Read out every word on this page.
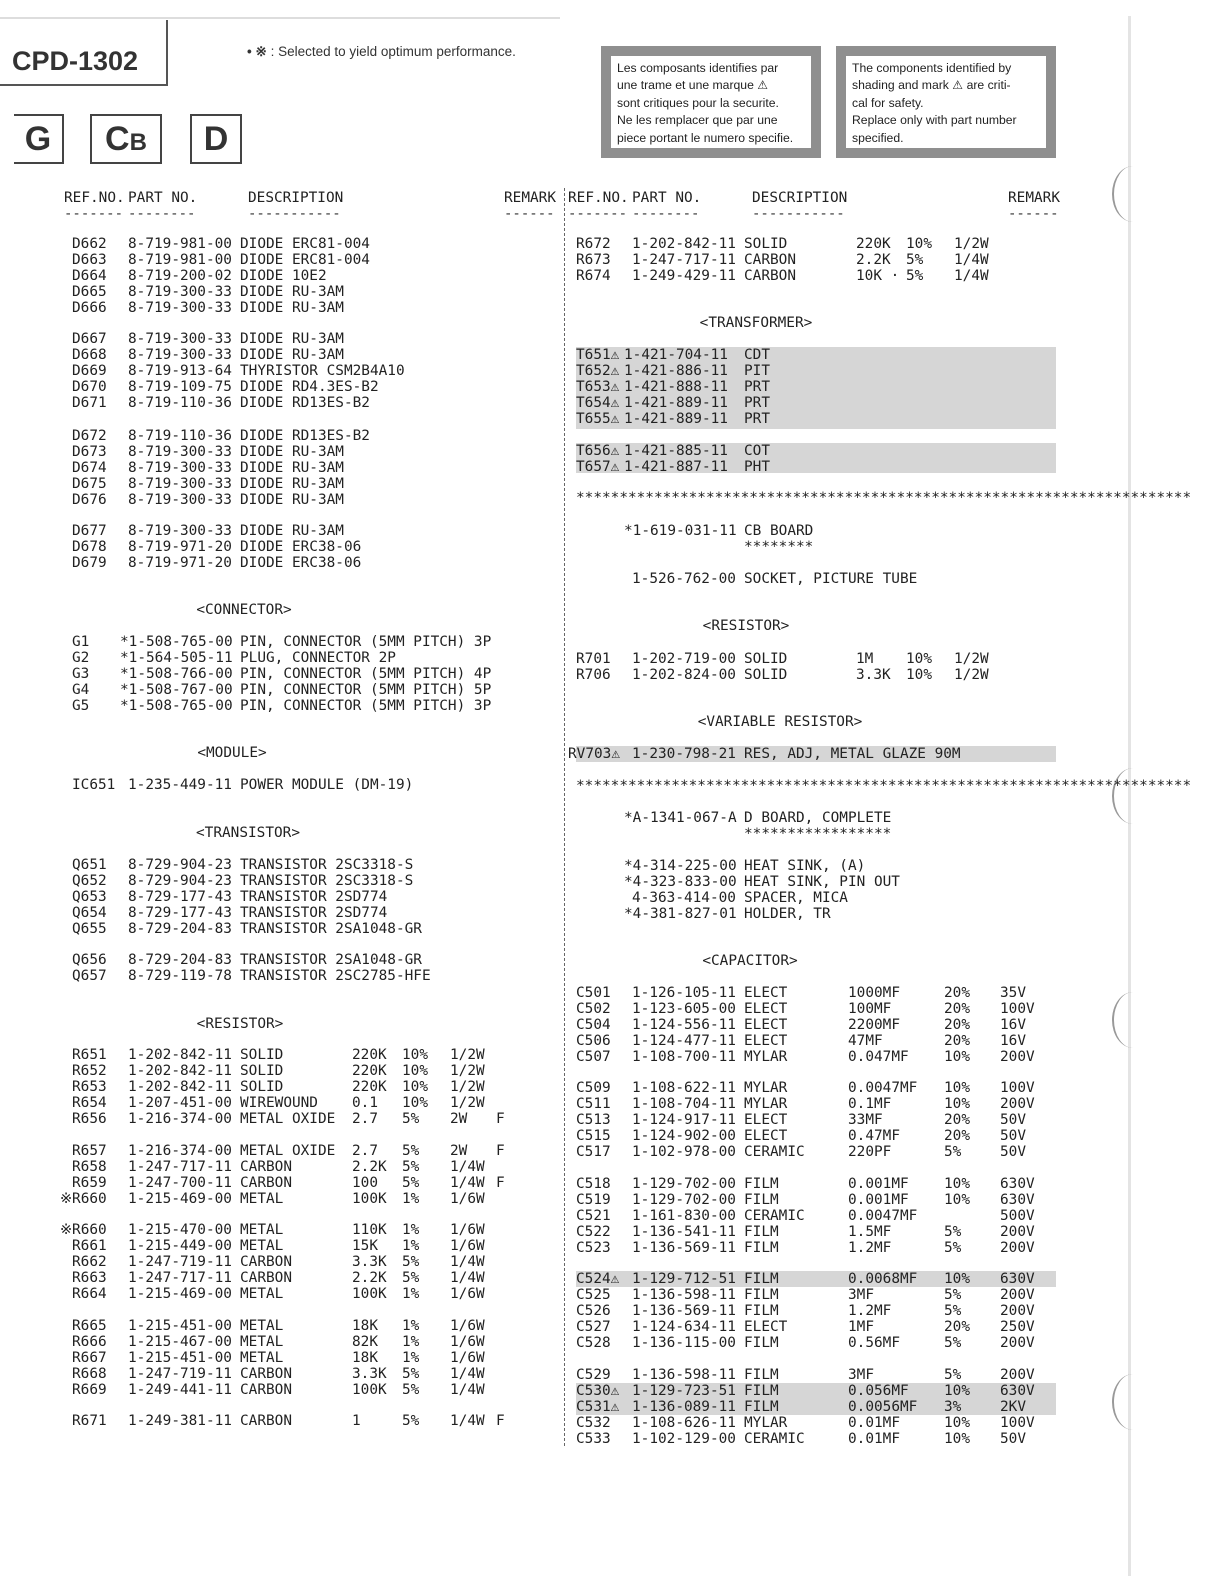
CPD-1302	• ※ : Selected to yield optimum performance.
G	CB	D
Les composants identifies par
une trame et une marque ⚠
sont critiques pour la securite.
Ne les remplacer que par une
piece portant le numero specifie.
The components identified by
shading and mark ⚠ are criti-
cal for safety.
Replace only with part number
specified.
REF.NO. PART NO.	DESCRIPTION	REMARK
------- --------	-----------	------
REF.NO. PART NO.	DESCRIPTION	REMARK
------- --------	-----------	------
D662 8-719-981-00 DIODE ERC81-004
D663 8-719-981-00 DIODE ERC81-004
D664 8-719-200-02 DIODE 10E2
D665 8-719-300-33 DIODE RU-3AM
D666 8-719-300-33 DIODE RU-3AM
D667 8-719-300-33 DIODE RU-3AM
D668 8-719-300-33 DIODE RU-3AM
D669 8-719-913-64 THYRISTOR CSM2B4A10
D670 8-719-109-75 DIODE RD4.3ES-B2
D671 8-719-110-36 DIODE RD13ES-B2
D672 8-719-110-36 DIODE RD13ES-B2
D673 8-719-300-33 DIODE RU-3AM
D674 8-719-300-33 DIODE RU-3AM
D675 8-719-300-33 DIODE RU-3AM
D676 8-719-300-33 DIODE RU-3AM
D677 8-719-300-33 DIODE RU-3AM
D678 8-719-971-20 DIODE ERC38-06
D679 8-719-971-20 DIODE ERC38-06
<CONNECTOR>
G1 *1-508-765-00 PIN, CONNECTOR (5MM PITCH) 3P
G2 *1-564-505-11 PLUG, CONNECTOR 2P
G3 *1-508-766-00 PIN, CONNECTOR (5MM PITCH) 4P
G4 *1-508-767-00 PIN, CONNECTOR (5MM PITCH) 5P
G5 *1-508-765-00 PIN, CONNECTOR (5MM PITCH) 3P
<MODULE>
IC651 1-235-449-11 POWER MODULE (DM-19)
<TRANSISTOR>
Q651 8-729-904-23 TRANSISTOR 2SC3318-S
Q652 8-729-904-23 TRANSISTOR 2SC3318-S
Q653 8-729-177-43 TRANSISTOR 2SD774
Q654 8-729-177-43 TRANSISTOR 2SD774
Q655 8-729-204-83 TRANSISTOR 2SA1048-GR
Q656 8-729-204-83 TRANSISTOR 2SA1048-GR
Q657 8-729-119-78 TRANSISTOR 2SC2785-HFE
<RESISTOR>
R651 1-202-842-11 SOLID	220K 10% 1/2W
R652 1-202-842-11 SOLID	220K 10% 1/2W
R653 1-202-842-11 SOLID	220K 10% 1/2W
R654 1-207-451-00 WIREWOUND 0.1 10% 1/2W
R656 1-216-374-00 METAL OXIDE 2.7 5% 2W F
R657 1-216-374-00 METAL OXIDE 2.7 5% 2W F
R658 1-247-717-11 CARBON	2.2K 5% 1/4W
R659 1-247-700-11 CARBON	100 5% 1/4W F
※R660 1-215-469-00 METAL	100K 1% 1/6W
※R660 1-215-470-00 METAL	110K 1% 1/6W
R661 1-215-449-00 METAL	15K 1% 1/6W
R662 1-247-719-11 CARBON	3.3K 5% 1/4W
R663 1-247-717-11 CARBON	2.2K 5% 1/4W
R664 1-215-469-00 METAL	100K 1% 1/6W
R665 1-215-451-00 METAL	18K 1% 1/6W
R666 1-215-467-00 METAL	82K 1% 1/6W
R667 1-215-451-00 METAL	18K 1% 1/6W
R668 1-247-719-11 CARBON	3.3K 5% 1/4W
R669 1-249-441-11 CARBON	100K 5% 1/4W
R671 1-249-381-11 CARBON	1	5% 1/4W F
R672 1-202-842-11 SOLID	220K 10% 1/2W
R673 1-247-717-11 CARBON	2.2K 5% 1/4W
R674 1-249-429-11 CARBON	10K · 5% 1/4W
<TRANSFORMER>
T651⚠ 1-421-704-11 CDT
T652⚠ 1-421-886-11 PIT
T653⚠ 1-421-888-11 PRT
T654⚠ 1-421-889-11 PRT
T655⚠ 1-421-889-11 PRT
T656⚠ 1-421-885-11 COT
T657⚠ 1-421-887-11 PHT
***********************************************************************
*1-619-031-11 CB BOARD
********
1-526-762-00 SOCKET, PICTURE TUBE
<RESISTOR>
R701 1-202-719-00 SOLID	1M 10% 1/2W
R706 1-202-824-00 SOLID	3.3K 10% 1/2W
<VARIABLE RESISTOR>
RV703⚠ 1-230-798-21 RES, ADJ, METAL GLAZE 90M
***********************************************************************
*A-1341-067-A D BOARD, COMPLETE
*****************
*4-314-225-00 HEAT SINK, (A)
*4-323-833-00 HEAT SINK, PIN OUT
4-363-414-00 SPACER, MICA
*4-381-827-01 HOLDER, TR
<CAPACITOR>
C501 1-126-105-11 ELECT	1000MF	20% 35V
C502 1-123-605-00 ELECT	100MF	20% 100V
C504 1-124-556-11 ELECT	2200MF	20% 16V
C506 1-124-477-11 ELECT	47MF	20% 16V
C507 1-108-700-11 MYLAR	0.047MF 10% 200V
C509 1-108-622-11 MYLAR	0.0047MF 10% 100V
C511 1-108-704-11 MYLAR	0.1MF	10% 200V
C513 1-124-917-11 ELECT	33MF	20% 50V
C515 1-124-902-00 ELECT	0.47MF	20% 50V
C517 1-102-978-00 CERAMIC	220PF	5%	50V
C518 1-129-702-00 FILM	0.001MF 10% 630V
C519 1-129-702-00 FILM	0.001MF 10% 630V
C521 1-161-830-00 CERAMIC	0.0047MF	500V
C522 1-136-541-11 FILM	1.5MF	5%	200V
C523 1-136-569-11 FILM	1.2MF	5%	200V
C524⚠ 1-129-712-51 FILM	0.0068MF 10% 630V
C525 1-136-598-11 FILM	3MF	5%	200V
C526 1-136-569-11 FILM	1.2MF	5%	200V
C527 1-124-634-11 ELECT	1MF	20% 250V
C528 1-136-115-00 FILM	0.56MF	5%	200V
C529 1-136-598-11 FILM	3MF	5%	200V
C530⚠ 1-129-723-51 FILM	0.056MF 10% 630V
C531⚠ 1-136-089-11 FILM	0.0056MF 3%	2KV
C532 1-108-626-11 MYLAR	0.01MF	10% 100V
C533 1-102-129-00 CERAMIC	0.01MF	10% 50V
